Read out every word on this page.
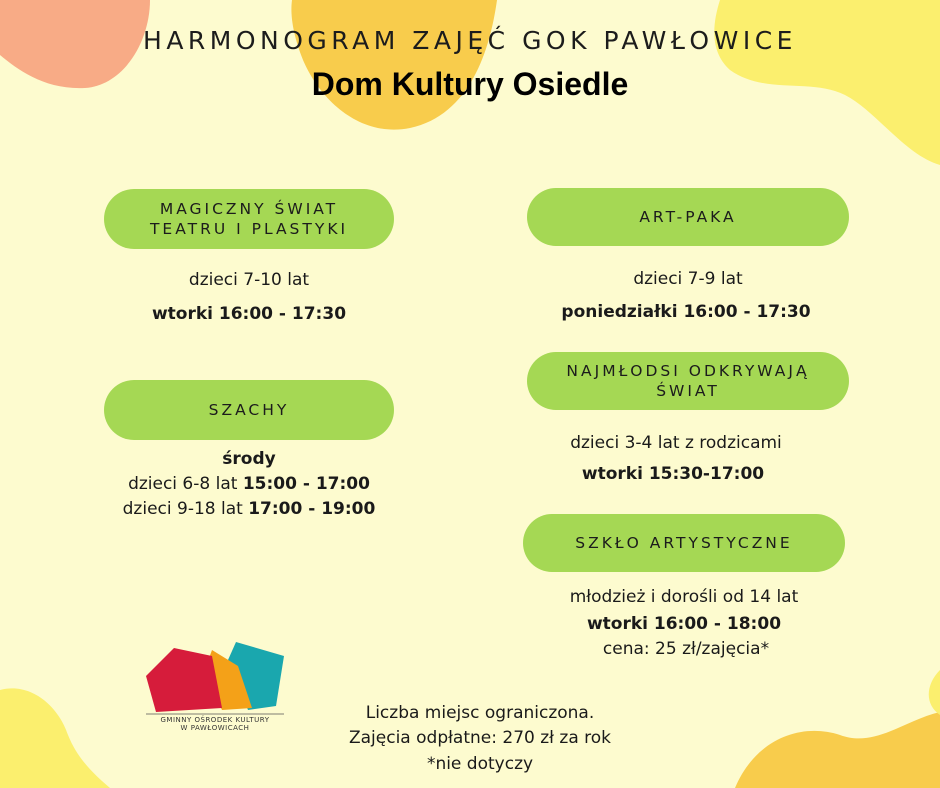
HARMONOGRAM ZAJĘĆ GOK PAWŁOWICE
Dom Kultury Osiedle
MAGICZNY ŚWIAT
TEATRU I PLASTYKI
dzieci 7-10 lat
wtorki 16:00 - 17:30
SZACHY
środy
dzieci 6-8 lat 15:00 - 17:00
dzieci 9-18 lat 17:00 - 19:00
ART-PAKA
dzieci 7-9 lat
poniedziałki 16:00 - 17:30
NAJMŁODSI ODKRYWAJĄ
ŚWIAT
dzieci 3-4 lat z rodzicami
wtorki 15:30-17:00
SZKŁO ARTYSTYCZNE
młodzież i dorośli od 14 lat
wtorki 16:00 - 18:00
cena: 25 zł/zajęcia*
GMINNY OŚRODEK KULTURY
W PAWŁOWICACH
Liczba miejsc ograniczona.
Zajęcia odpłatne: 270 zł za rok
*nie dotyczy
